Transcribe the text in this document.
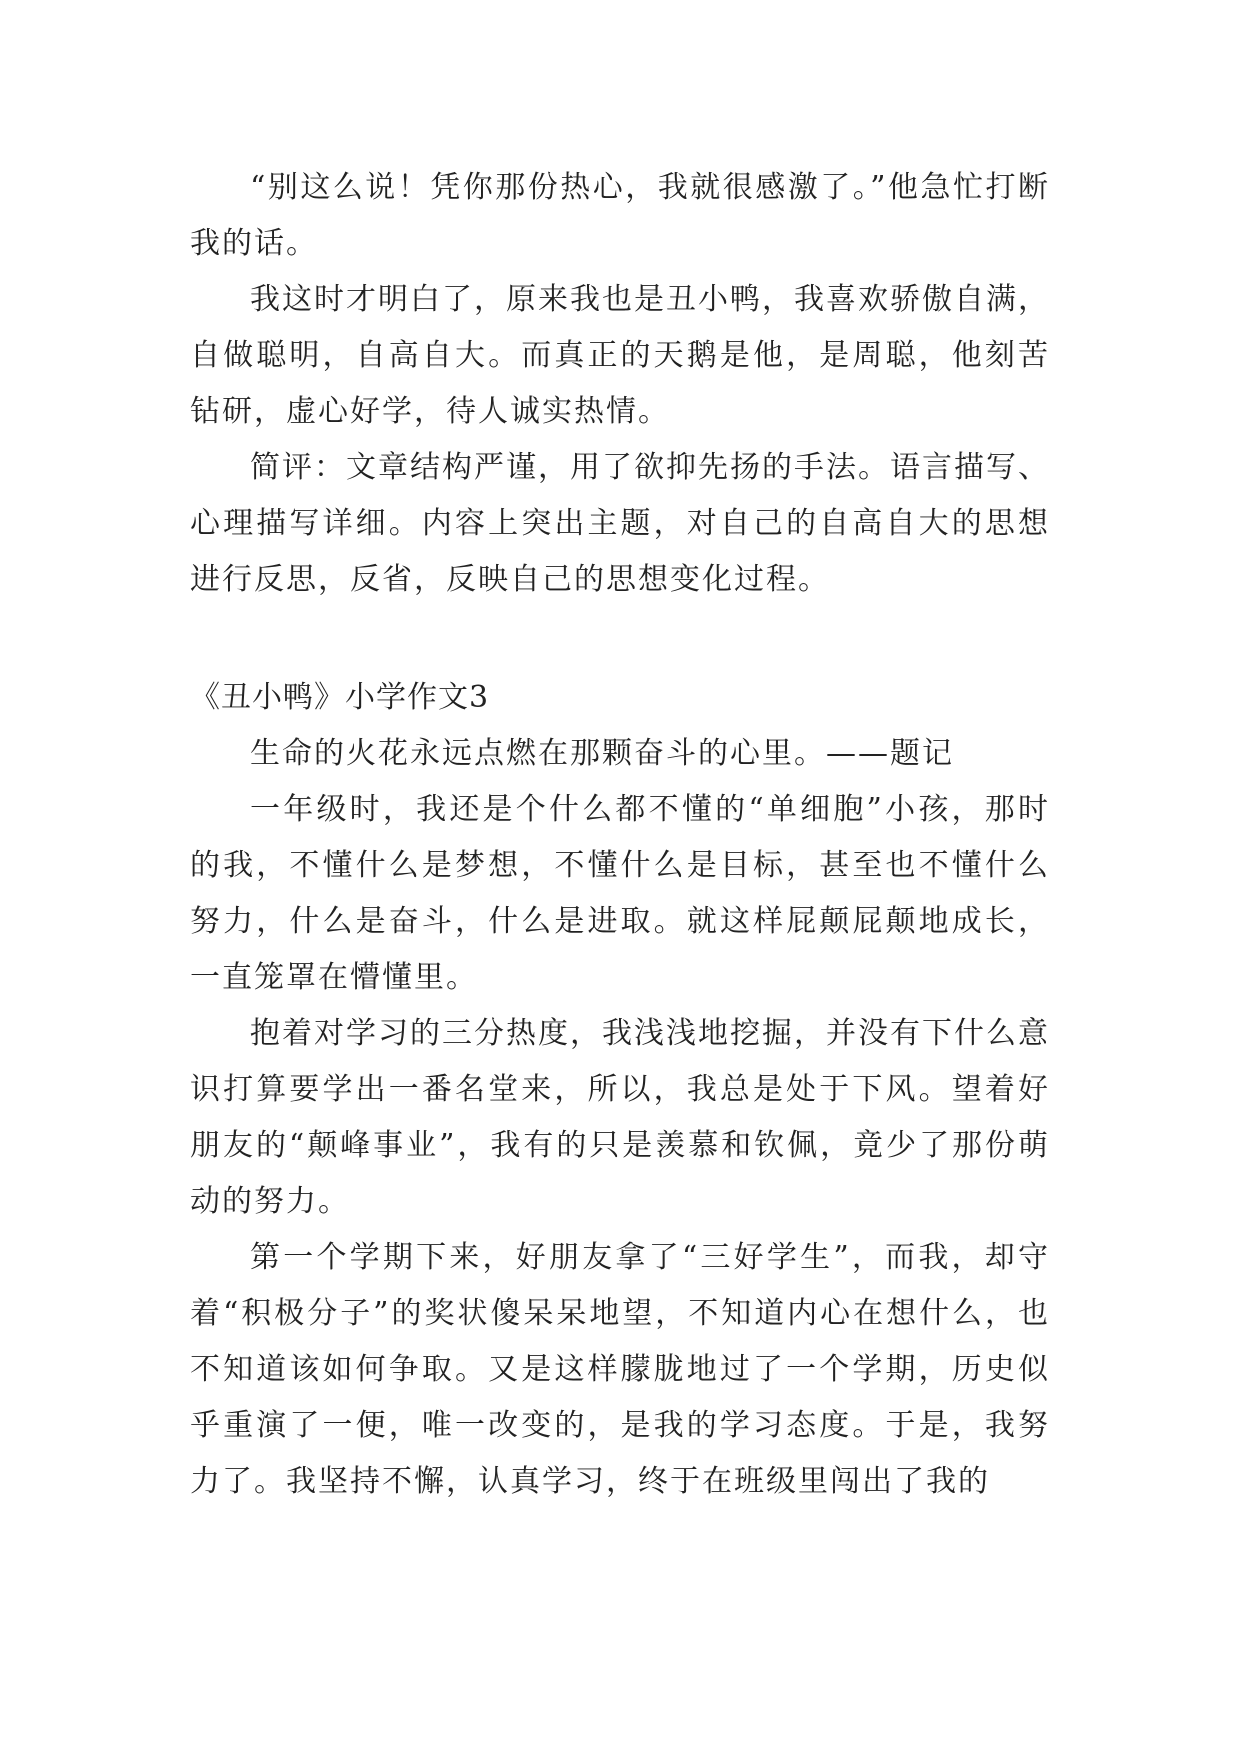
“别这么说！凭你那份热心，我就很感激了。”他急忙打断我的话。

我这时才明白了，原来我也是丑小鸭，我喜欢骄傲自满，自做聪明，自高自大。而真正的天鹅是他，是周聪，他刻苦钻研，虚心好学，待人诚实热情。

简评：文章结构严谨，用了欲抑先扬的手法。语言描写、心理描写详细。内容上突出主题，对自己的自高自大的思想进行反思，反省，反映自己的思想变化过程。

《丑小鸭》小学作文3

生命的火花永远点燃在那颗奋斗的心里。——题记

一年级时，我还是个什么都不懂的“单细胞”小孩，那时的我，不懂什么是梦想，不懂什么是目标，甚至也不懂什么努力，什么是奋斗，什么是进取。就这样屁颠屁颠地成长，一直笼罩在懵懂里。

抱着对学习的三分热度，我浅浅地挖掘，并没有下什么意识打算要学出一番名堂来，所以，我总是处于下风。望着好朋友的“颠峰事业”，我有的只是羡慕和钦佩，竟少了那份萌动的努力。

第一个学期下来，好朋友拿了“三好学生”，而我，却守着“积极分子”的奖状傻呆呆地望，不知道内心在想什么，也不知道该如何争取。又是这样朦胧地过了一个学期，历史似乎重演了一便，唯一改变的，是我的学习态度。于是，我努力了。我坚持不懈，认真学习，终于在班级里闯出了我的
